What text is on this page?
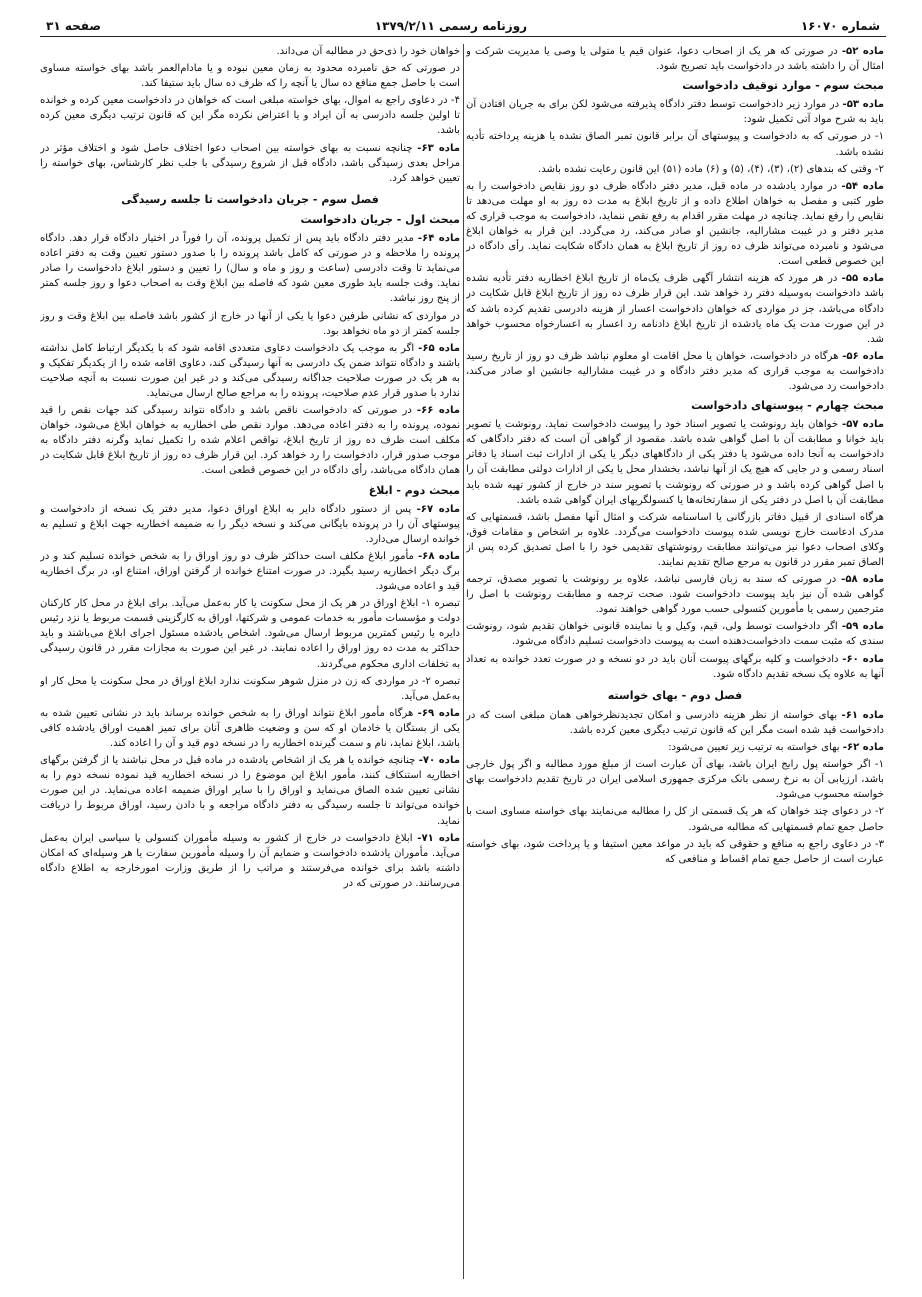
شماره ۱۶۰۷۰
روزنامه رسمی ۱۳۷۹/۲/۱۱
صفحه ۳۱

ماده ۵۲- در صورتی که هر یک از اصحاب دعوا، عنوان قیم یا متولی یا وصی یا مدیریت شرکت و امثال آن را داشته باشد در دادخواست باید تصریح شود.

مبحث سوم - موارد توقیف دادخواست

ماده ۵۳- در موارد زیر دادخواست توسط دفتر دادگاه پذیرفته می‌شود لکن برای به جریان افتادن آن باید به شرح مواد آتی تکمیل شود:

۱- در صورتی که به دادخواست و پیوستهای آن برابر قانون تمبر الصاق نشده یا هزینه پرداخته تأدیه نشده باشد.

۲- وقتی که بندهای (۲)، (۳)، (۴)، (۵) و (۶) ماده (۵۱) این قانون رعایت نشده باشد.

ماده ۵۴- در موارد یادشده در ماده قبل، مدیر دفتر دادگاه ظرف دو روز نقایص دادخواست را به طور کتبی و مفصل به خواهان اطلاع داده و از تاریخ ابلاغ به مدت ده روز به او مهلت می‌دهد تا نقایص را رفع نماید. چنانچه در مهلت مقرر اقدام به رفع نقص ننماید، دادخواست به موجب قراری که مدیر دفتر و در غیبت مشارالیه، جانشین او صادر می‌کند، رد می‌گردد. این قرار به خواهان ابلاغ می‌شود و نامبرده می‌تواند ظرف ده روز از تاریخ ابلاغ به همان دادگاه شکایت نماید. رأی دادگاه در این خصوص قطعی است.

ماده ۵۵- در هر مورد که هزینه انتشار آگهی ظرف یک‌ماه از تاریخ ابلاغ اخطاریه دفتر تأدیه نشده باشد دادخواست به‌وسیله دفتر رد خواهد شد. این قرار ظرف ده روز از تاریخ ابلاغ قابل شکایت در دادگاه می‌باشد، جز در مواردی که خواهان دادخواست اعسار از هزینه دادرسی تقدیم کرده باشد که در این صورت مدت یک ماه یادشده از تاریخ ابلاغ دادنامه رد اعسار به اعسارخواه محسوب خواهد شد.

ماده ۵۶- هرگاه در دادخواست، خواهان یا محل اقامت او معلوم نباشد ظرف دو روز از تاریخ رسید دادخواست به موجب قراری که مدیر دفتر دادگاه و در غیبت مشارالیه جانشین او صادر می‌کند، دادخواست رد می‌شود.

مبحث چهارم - پیوستهای دادخواست

ماده ۵۷- خواهان باید رونوشت یا تصویر اسناد خود را پیوست دادخواست نماید. رونوشت یا تصویر باید خوانا و مطابقت آن با اصل گواهی شده باشد. مقصود از گواهی آن است که دفتر دادگاهی که دادخواست به آنجا داده می‌شود یا دفتر یکی از دادگاههای دیگر یا یکی از ادارات ثبت اسناد یا دفاتر اسناد رسمی و در جایی که هیچ یک از آنها نباشد، بخشدار محل یا یکی از ادارات دولتی مطابقت آن را با اصل گواهی کرده باشد و در صورتی که رونوشت یا تصویر سند در خارج از کشور تهیه شده باید مطابقت آن با اصل در دفتر یکی از سفارتخانه‌ها یا کنسولگریهای ایران گواهی شده باشد.

هرگاه اسنادی از قبیل دفاتر بازرگانی یا اساسنامه شرکت و امثال آنها مفصل باشد، قسمتهایی که مدرک ادعاست خارج نویسی شده پیوست دادخواست می‌گردد. علاوه بر اشخاص و مقامات فوق، وکلای اصحاب دعوا نیز می‌توانند مطابقت رونوشتهای تقدیمی خود را با اصل تصدیق کرده پس از الصاق تمبر مقرر در قانون به مرجع صالح تقدیم نمایند.

ماده ۵۸- در صورتی که سند به زبان فارسی نباشد، علاوه بر رونوشت یا تصویر مصدق، ترجمه گواهی شده آن نیز باید پیوست دادخواست شود. صحت ترجمه و مطابقت رونوشت با اصل را مترجمین رسمی یا مأمورین کنسولی حسب مورد گواهی خواهند نمود.

ماده ۵۹- اگر دادخواست توسط ولی، قیم، وکیل و یا نماینده قانونی خواهان تقدیم شود، رونوشت سندی که مثبت سمت دادخواست‌دهنده است به پیوست دادخواست تسلیم دادگاه می‌شود.

ماده ۶۰- دادخواست و کلیه برگهای پیوست آنان باید در دو نسخه و در صورت تعدد خوانده به تعداد آنها به علاوه یک نسخه تقدیم دادگاه شود.

فصل دوم - بهای خواسته

ماده ۶۱- بهای خواسته از نظر هزینه دادرسی و امکان تجدیدنظرخواهی همان مبلغی است که در دادخواست قید شده است مگر این که قانون ترتیب دیگری معین کرده باشد.

ماده ۶۲- بهای خواسته به ترتیب زیر تعیین می‌شود:

۱- اگر خواسته پول رایج ایران باشد، بهای آن عبارت است از مبلغ مورد مطالبه و اگر پول خارجی باشد، ارزیابی آن به نرخ رسمی بانک مرکزی جمهوری اسلامی ایران در تاریخ تقدیم دادخواست بهای خواسته محسوب می‌شود.

۲- در دعوای چند خواهان که هر یک قسمتی از کل را مطالبه می‌نمایند بهای خواسته مساوی است با حاصل جمع تمام قسمتهایی که مطالبه می‌شود.

۳- در دعاوی راجع به منافع و حقوقی که باید در مواعد معین استیفا و یا پرداخت شود، بهای خواسته عبارت است از حاصل جمع تمام اقساط و منافعی که

خواهان خود را ذی‌حق در مطالبه آن می‌داند.

در صورتی که حق نامبرده محدود به زمان معین نبوده و یا مادام‌العمر باشد بهای خواسته مساوی است با حاصل جمع منافع ده سال یا آنچه را که ظرف ده سال باید ستیفا کند.

۴- در دعاوی راجع به اموال، بهای خواسته مبلغی است که خواهان در دادخواست معین کرده و خوانده تا اولین جلسه دادرسی به آن ایراد و یا اعتراض نکرده مگر این که قانون ترتیب دیگری معین کرده باشد.

ماده ۶۳- چنانچه نسبت به بهای خواسته بین اصحاب دعوا اختلاف حاصل شود و اختلاف مؤثر در مراحل بعدی رسیدگی باشد، دادگاه قبل از شروع رسیدگی با جلب نظر کارشناس، بهای خواسته را تعیین خواهد کرد.

فصل سوم - جریان دادخواست تا جلسه رسیدگی
مبحث اول - جریان دادخواست

ماده ۶۴- مدیر دفتر دادگاه باید پس از تکمیل پرونده، آن را فوراً در اختیار دادگاه قرار دهد. دادگاه پرونده را ملاحظه و در صورتی که کامل باشد پرونده را با صدور دستور تعیین وقت به دفتر اعاده می‌نماید تا وقت دادرسی (ساعت و روز و ماه و سال) را تعیین و دستور ابلاغ دادخواست را صادر نماید. وقت جلسه باید طوری معین شود که فاصله بین ابلاغ وقت به اصحاب دعوا و روز جلسه کمتر از پنج روز نباشد.

در مواردی که نشانی طرفین دعوا یا یکی از آنها در خارج از کشور باشد فاصله بین ابلاغ وقت و روز جلسه کمتر از دو ماه نخواهد بود.

ماده ۶۵- اگر به موجب یک دادخواست دعاوی متعددی اقامه شود که با یکدیگر ارتباط کامل نداشته باشند و دادگاه نتواند ضمن یک دادرسی به آنها رسیدگی کند، دعاوی اقامه شده را از یکدیگر تفکیک و به هر یک در صورت صلاحیت جداگانه رسیدگی می‌کند و در غیر این صورت نسبت به آنچه صلاحیت ندارد با صدور قرار عدم صلاحیت، پرونده را به مراجع صالح ارسال می‌نماید.

ماده ۶۶- در صورتی که دادخواست ناقص باشد و دادگاه نتواند رسیدگی کند جهات نقص را قید نموده، پرونده را به دفتر اعاده می‌دهد. موارد نقص طی اخطاریه به خواهان ابلاغ می‌شود، خواهان مکلف است ظرف ده روز از تاریخ ابلاغ، نواقص اعلام شده را تکمیل نماید وگرنه دفتر دادگاه به موجب صدور قرار، دادخواست را رد خواهد کرد. این قرار ظرف ده روز از تاریخ ابلاغ قابل شکایت در همان دادگاه می‌باشد، رأی دادگاه در این خصوص قطعی است.

مبحث دوم - ابلاغ

ماده ۶۷- پس از دستور دادگاه دایر به ابلاغ اوراق دعوا، مدیر دفتر یک نسخه از دادخواست و پیوستهای آن را در پرونده بایگانی می‌کند و نسخه دیگر را به ضمیمه اخطاریه جهت ابلاغ و تسلیم به خوانده ارسال می‌دارد.

ماده ۶۸- مأمور ابلاغ مکلف است حداکثر ظرف دو روز اوراق را به شخص خوانده تسلیم کند و در برگ دیگر اخطاریه رسید بگیرد. در صورت امتناع خوانده از گرفتن اوراق، امتناع او، در برگ اخطاریه قید و اعاده می‌شود.

تبصره ۱- ابلاغ اوراق در هر یک از محل سکونت یا کار به‌عمل می‌آید. برای ابلاغ در محل کار کارکنان دولت و مؤسسات مأمور به خدمات عمومی و شرکتها، اوراق به کارگزینی قسمت مربوط یا نزد رئیس دایره یا رئیس کمترین مربوط ارسال می‌شود. اشخاص یادشده مسئول اجرای ابلاغ می‌باشند و باید حداکثر به مدت ده روز اوراق را اعاده نمایند. در غیر این صورت به مجازات مقرر در قانون رسیدگی به تخلفات اداری محکوم می‌گردند.

تبصره ۲- در مواردی که زن در منزل شوهر سکونت ندارد ابلاغ اوراق در محل سکونت یا محل کار او به‌عمل می‌آید.

ماده ۶۹- هرگاه مأمور ابلاغ نتواند اوراق را به شخص خوانده برساند باید در نشانی تعیین شده به یکی از بستگان یا خادمان او که سن و وضعیت ظاهری آنان برای تمیز اهمیت اوراق یادشده کافی باشد، ابلاغ نماید، نام و سمت گیرنده اخطاریه را در نسخه دوم قید و آن را اعاده کند.

ماده ۷۰- چنانچه خوانده یا هر یک از اشخاص یادشده در ماده قبل در محل نباشند یا از گرفتن برگهای اخطاریه استنکاف کنند، مأمور ابلاغ این موضوع را در نسخه اخطاریه قید نموده نسخه دوم را به نشانی تعیین شده الصاق می‌نماید و اوراق را با سایر اوراق ضمیمه اعاده می‌نماید. در این صورت خوانده می‌تواند تا جلسه رسیدگی به دفتر دادگاه مراجعه و با دادن رسید، اوراق مربوط را دریافت نماید.

ماده ۷۱- ابلاغ دادخواست در خارج از کشور به وسیله مأموران کنسولی یا سیاسی ایران به‌عمل می‌آید. مأموران یادشده دادخواست و ضمایم آن را وسیله مأمورین سفارت یا هر وسیله‌ای که امکان داشته باشد برای خوانده می‌فرستند و مراتب را از طریق وزارت امورخارجه به اطلاع دادگاه می‌رسانند. در صورتی که در
